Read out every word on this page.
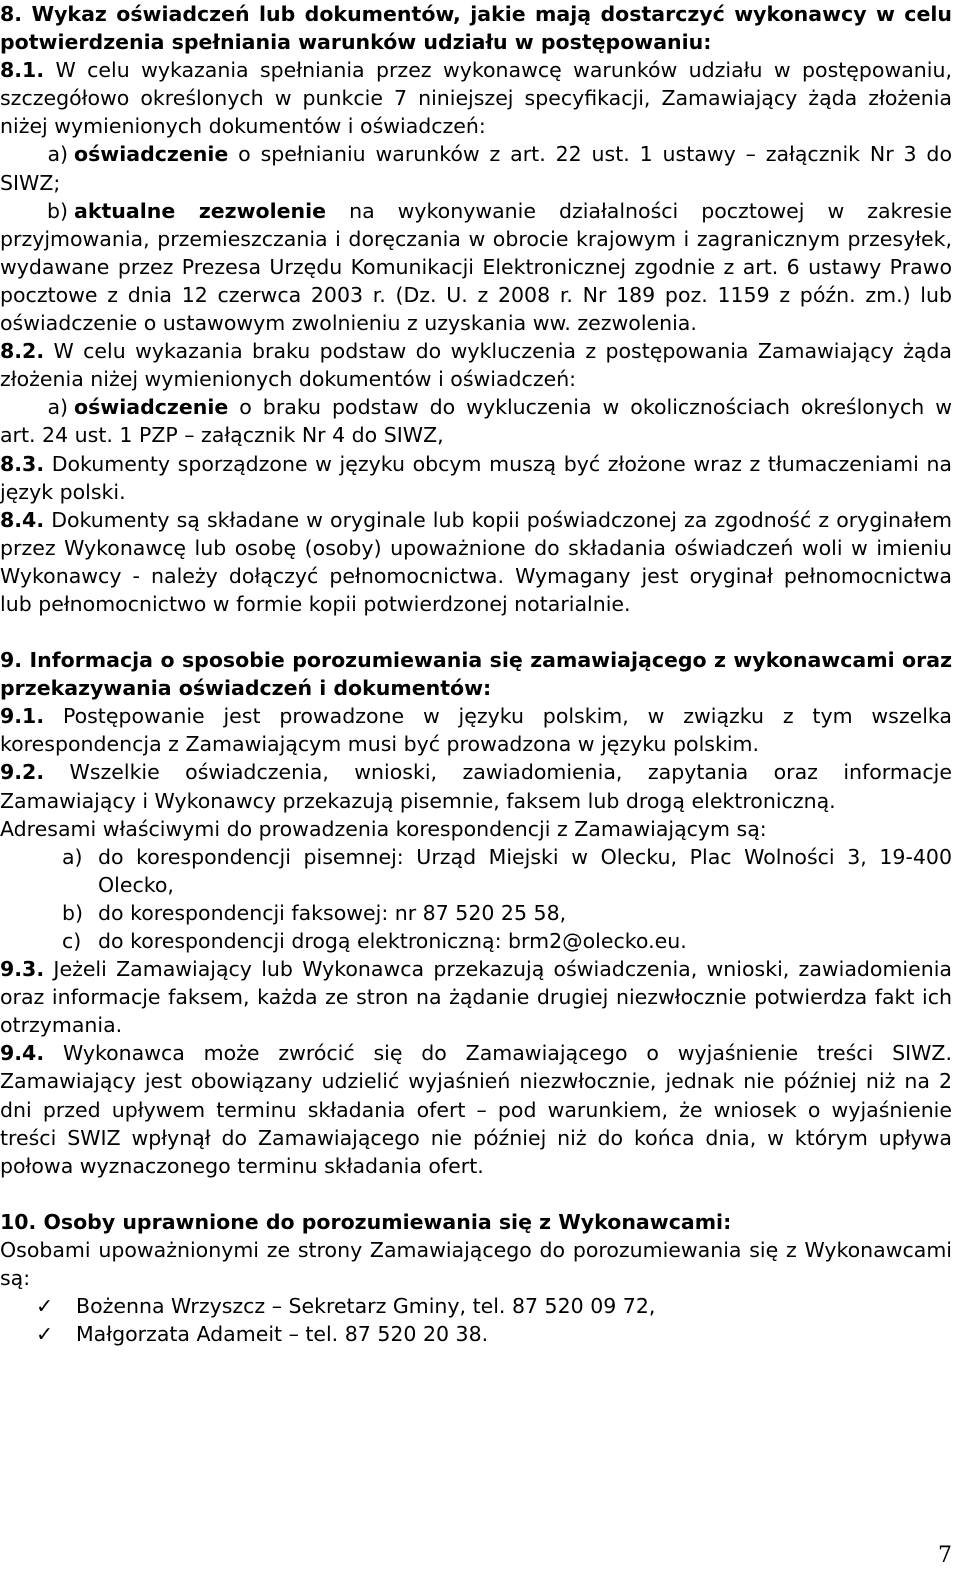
8. Wykaz oświadczeń lub dokumentów, jakie mają dostarczyć wykonawcy w celu potwierdzenia spełniania warunków udziału w postępowaniu:

8.1. W celu wykazania spełniania przez wykonawcę warunków udziału w postępowaniu, szczegółowo określonych w punkcie 7 niniejszej specyfikacji, Zamawiający żąda złożenia niżej wymienionych dokumentów i oświadczeń:

a) oświadczenie o spełnianiu warunków z art. 22 ust. 1 ustawy – załącznik Nr 3 do SIWZ;

b) aktualne zezwolenie na wykonywanie działalności pocztowej w zakresie przyjmowania, przemieszczania i doręczania w obrocie krajowym i zagranicznym przesyłek, wydawane przez Prezesa Urzędu Komunikacji Elektronicznej zgodnie z art. 6 ustawy Prawo pocztowe z dnia 12 czerwca 2003 r. (Dz. U. z 2008 r. Nr 189 poz. 1159 z późn. zm.) lub oświadczenie o ustawowym zwolnieniu z uzyskania ww. zezwolenia.

8.2. W celu wykazania braku podstaw do wykluczenia z postępowania Zamawiający żąda złożenia niżej wymienionych dokumentów i oświadczeń:

a) oświadczenie o braku podstaw do wykluczenia w okolicznościach określonych w art. 24 ust. 1 PZP – załącznik Nr 4 do SIWZ,

8.3. Dokumenty sporządzone w języku obcym muszą być złożone wraz z tłumaczeniami na język polski.

8.4. Dokumenty są składane w oryginale lub kopii poświadczonej za zgodność z oryginałem przez Wykonawcę lub osobę (osoby) upoważnione do składania oświadczeń woli w imieniu Wykonawcy - należy dołączyć pełnomocnictwa. Wymagany jest oryginał pełnomocnictwa lub pełnomocnictwo w formie kopii potwierdzonej notarialnie.

9. Informacja o sposobie porozumiewania się zamawiającego z wykonawcami oraz przekazywania oświadczeń i dokumentów:

9.1. Postępowanie jest prowadzone w języku polskim, w związku z tym wszelka korespondencja z Zamawiającym musi być prowadzona w języku polskim.

9.2. Wszelkie oświadczenia, wnioski, zawiadomienia, zapytania oraz informacje Zamawiający i Wykonawcy przekazują pisemnie, faksem lub drogą elektroniczną.

Adresami właściwymi do prowadzenia korespondencji z Zamawiającym są:

a) do korespondencji pisemnej: Urząd Miejski w Olecku, Plac Wolności 3, 19-400 Olecko,

b) do korespondencji faksowej: nr 87 520 25 58,

c) do korespondencji drogą elektroniczną: brm2@olecko.eu.

9.3. Jeżeli Zamawiający lub Wykonawca przekazują oświadczenia, wnioski, zawiadomienia oraz informacje faksem, każda ze stron na żądanie drugiej niezwłocznie potwierdza fakt ich otrzymania.

9.4. Wykonawca może zwrócić się do Zamawiającego o wyjaśnienie treści SIWZ. Zamawiający jest obowiązany udzielić wyjaśnień niezwłocznie, jednak nie później niż na 2 dni przed upływem terminu składania ofert – pod warunkiem, że wniosek o wyjaśnienie treści SWIZ wpłynął do Zamawiającego nie później niż do końca dnia, w którym upływa połowa wyznaczonego terminu składania ofert.

10. Osoby uprawnione do porozumiewania się z Wykonawcami:

Osobami upoważnionymi ze strony Zamawiającego do porozumiewania się z Wykonawcami są:

✓	Bożenna Wrzyszcz – Sekretarz Gminy, tel. 87 520 09 72,
✓	Małgorzata Adameit – tel. 87 520 20 38.
7
